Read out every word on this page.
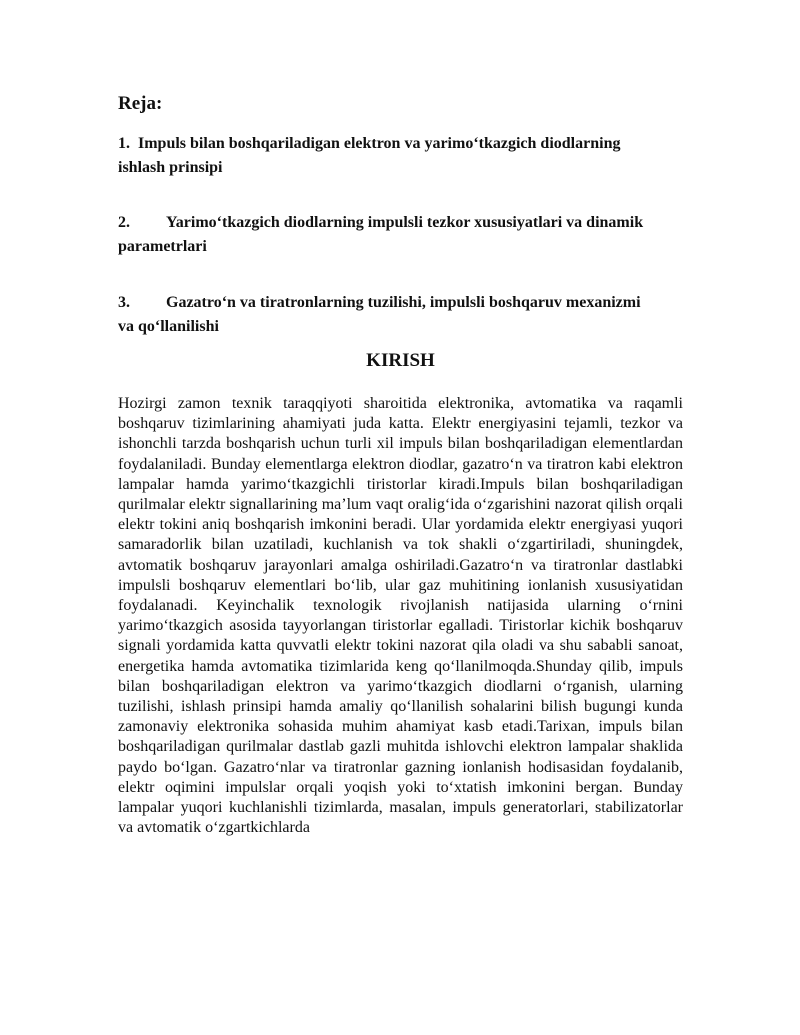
Reja:

1. Impuls bilan boshqariladigan elektron va yarimoʻtkazgich diodlarning ishlash prinsipi

2. Yarimoʻtkazgich diodlarning impulsli tezkor xususiyatlari va dinamik parametrlari

3. Gazatroʻn va tiratronlarning tuzilishi, impulsli boshqaruv mexanizmi va qoʻllanilishi

KIRISH

Hozirgi zamon texnik taraqqiyoti sharoitida elektronika, avtomatika va raqamli boshqaruv tizimlarining ahamiyati juda katta. Elektr energiyasini tejamli, tezkor va ishonchli tarzda boshqarish uchun turli xil impuls bilan boshqariladigan elementlardan foydalaniladi. Bunday elementlarga elektron diodlar, gazatroʻn va tiratron kabi elektron lampalar hamda yarimoʻtkazgichli tiristorlar kiradi.Impuls bilan boshqariladigan qurilmalar elektr signallarining maʼlum vaqt oraligʻida oʻzgarishini nazorat qilish orqali elektr tokini aniq boshqarish imkonini beradi. Ular yordamida elektr energiyasi yuqori samaradorlik bilan uzatiladi, kuchlanish va tok shakli oʻzgartiriladi, shuningdek, avtomatik boshqaruv jarayonlari amalga oshiriladi.Gazatroʻn va tiratronlar dastlabki impulsli boshqaruv elementlari boʻlib, ular gaz muhitining ionlanish xususiyatidan foydalanadi. Keyinchalik texnologik rivojlanish natijasida ularning oʻrnini yarimoʻtkazgich asosida tayyorlangan tiristorlar egalladi. Tiristorlar kichik boshqaruv signali yordamida katta quvvatli elektr tokini nazorat qila oladi va shu sababli sanoat, energetika hamda avtomatika tizimlarida keng qoʻllanilmoqda.Shunday qilib, impuls bilan boshqariladigan elektron va yarimoʻtkazgich diodlarni oʻrganish, ularning tuzilishi, ishlash prinsipi hamda amaliy qoʻllanilish sohalarini bilish bugungi kunda zamonaviy elektronika sohasida muhim ahamiyat kasb etadi.Tarixan, impuls bilan boshqariladigan qurilmalar dastlab gazli muhitda ishlovchi elektron lampalar shaklida paydo boʻlgan. Gazatroʻnlar va tiratronlar gazning ionlanish hodisasidan foydalanib, elektr oqimini impulslar orqali yoqish yoki toʻxtatish imkonini bergan. Bunday lampalar yuqori kuchlanishli tizimlarda, masalan, impuls generatorlari, stabilizatorlar va avtomatik oʻzgartkichlarda
